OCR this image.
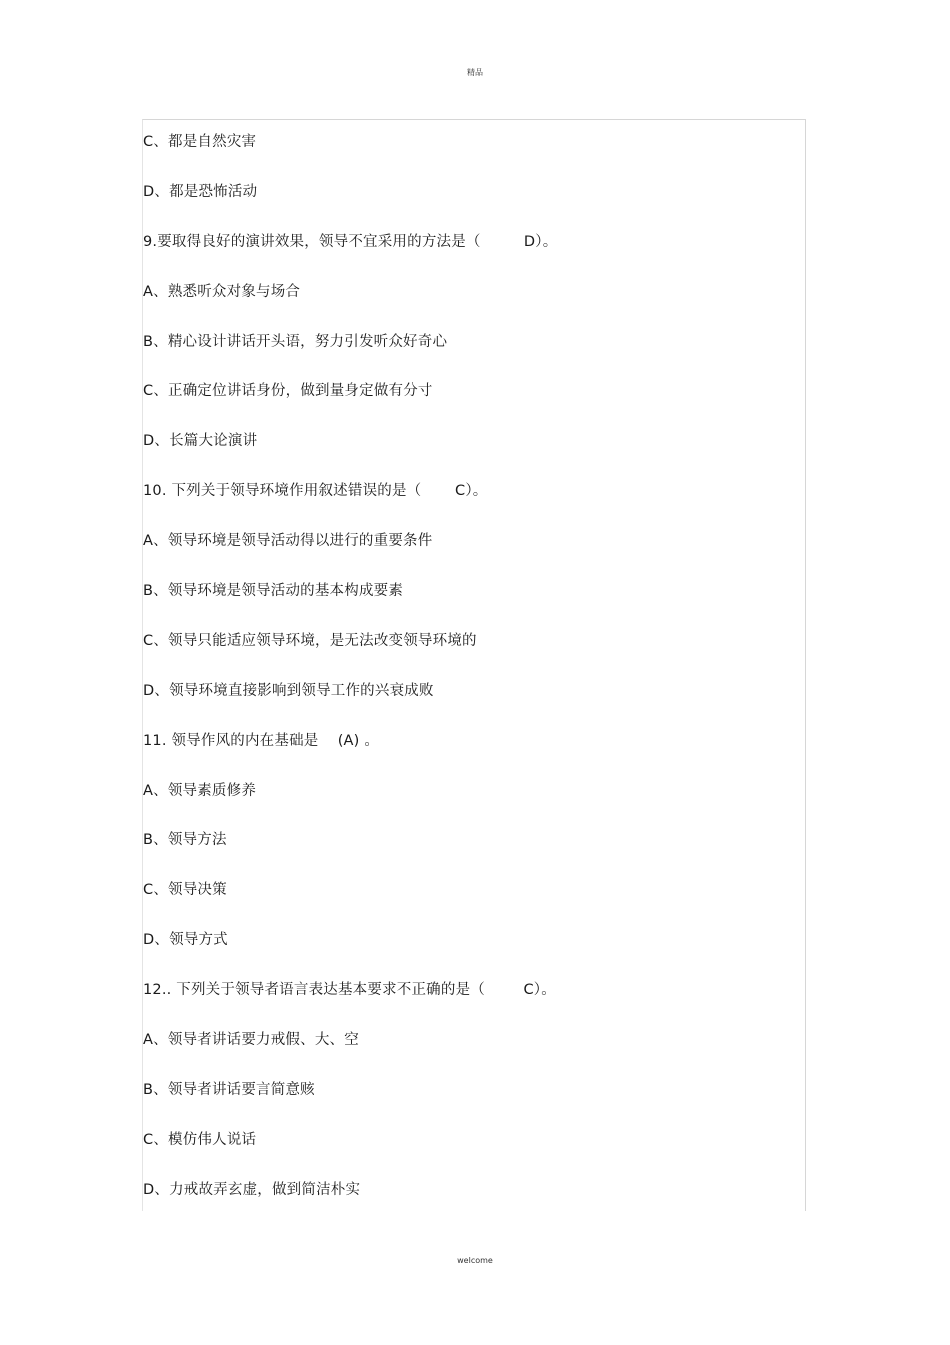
精品
C、都是自然灾害
D、都是恐怖活动
9.要取得良好的演讲效果，领导不宜采用的方法是（         D）。
A、熟悉听众对象与场合
B、精心设计讲话开头语，努力引发听众好奇心
C、正确定位讲话身份，做到量身定做有分寸
D、长篇大论演讲
10. 下列关于领导环境作用叙述错误的是（       C）。
A、领导环境是领导活动得以进行的重要条件
B、领导环境是领导活动的基本构成要素
C、领导只能适应领导环境，是无法改变领导环境的
D、领导环境直接影响到领导工作的兴衰成败
11. 领导作风的内在基础是    (A) 。
A、领导素质修养
B、领导方法
C、领导决策
D、领导方式
12.. 下列关于领导者语言表达基本要求不正确的是（        C）。
A、领导者讲话要力戒假、大、空
B、领导者讲话要言简意赅
C、模仿伟人说话
D、力戒故弄玄虚，做到简洁朴实
welcome
